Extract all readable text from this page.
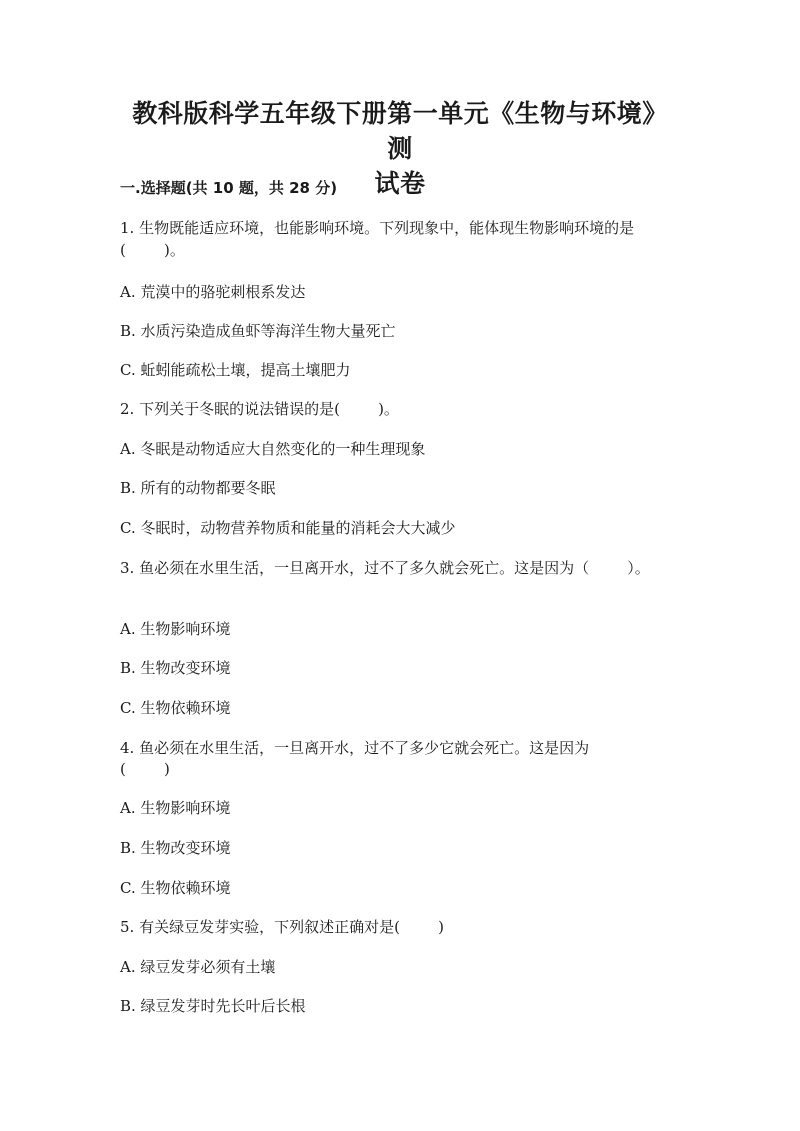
教科版科学五年级下册第一单元《生物与环境》测
试卷
一.选择题(共 10 题，共 28 分)
1. 生物既能适应环境，也能影响环境。下列现象中，能体现生物影响环境的是
(        )。
A. 荒漠中的骆驼刺根系发达
B. 水质污染造成鱼虾等海洋生物大量死亡
C. 蚯蚓能疏松土壤，提高土壤肥力
2. 下列关于冬眠的说法错误的是(        )。
A. 冬眠是动物适应大自然变化的一种生理现象
B. 所有的动物都要冬眠
C. 冬眠时，动物营养物质和能量的消耗会大大减少
3. 鱼必须在水里生活，一旦离开水，过不了多久就会死亡。这是因为（        ）。
A. 生物影响环境
B. 生物改变环境
C. 生物依赖环境
4. 鱼必须在水里生活，一旦离开水，过不了多少它就会死亡。这是因为
(        )
A. 生物影响环境
B. 生物改变环境
C. 生物依赖环境
5. 有关绿豆发芽实验，下列叙述正确对是(        )
A. 绿豆发芽必须有土壤
B. 绿豆发芽时先长叶后长根
